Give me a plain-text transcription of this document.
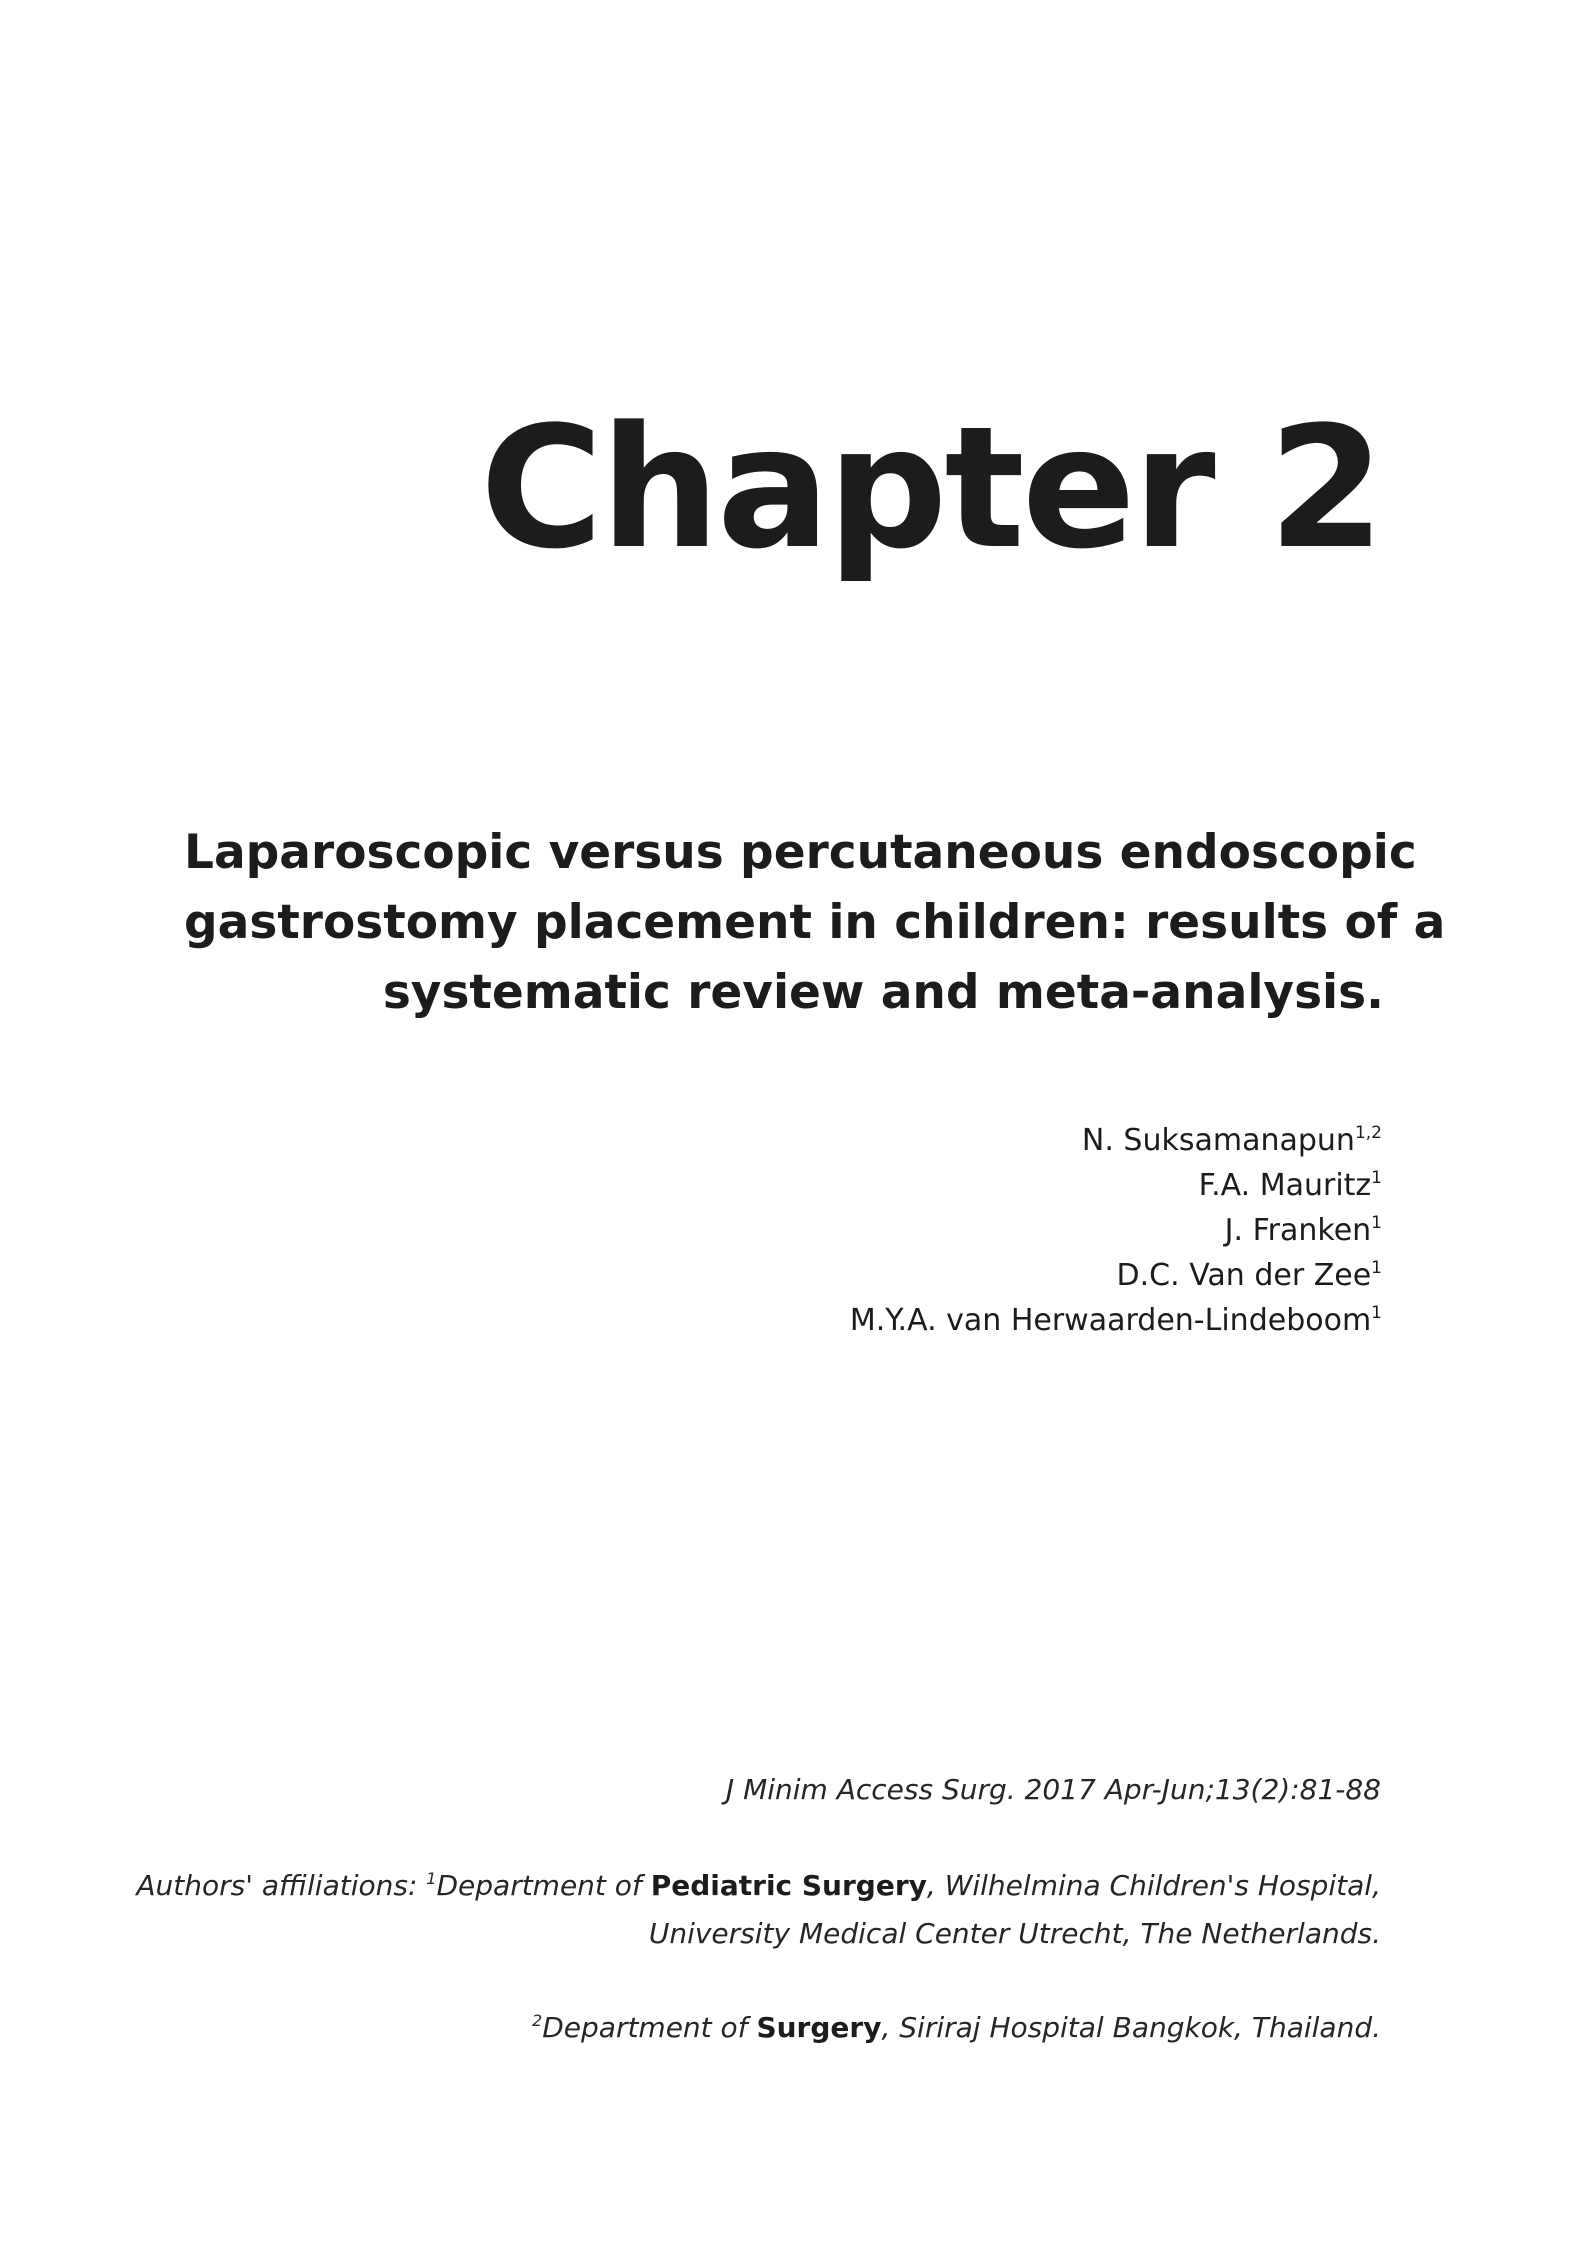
Chapter 2
Laparoscopic versus percutaneous endoscopic
gastrostomy placement in children: results of a
systematic review and meta-analysis.
N. Suksamanapun$^{1,2}$
F.A. Mauritz$^1$
J. Franken$^1$
D.C. Van der Zee$^1$
M.Y.A. van Herwaarden-Lindeboom$^1$
J Minim Access Surg. 2017 Apr-Jun;13(2):81-88
Authors' affiliations: $^1$Department of Pediatric Surgery, Wilhelmina Children's Hospital,
University Medical Center Utrecht, The Netherlands.
$^2$Department of Surgery, Siriraj Hospital Bangkok, Thailand.
